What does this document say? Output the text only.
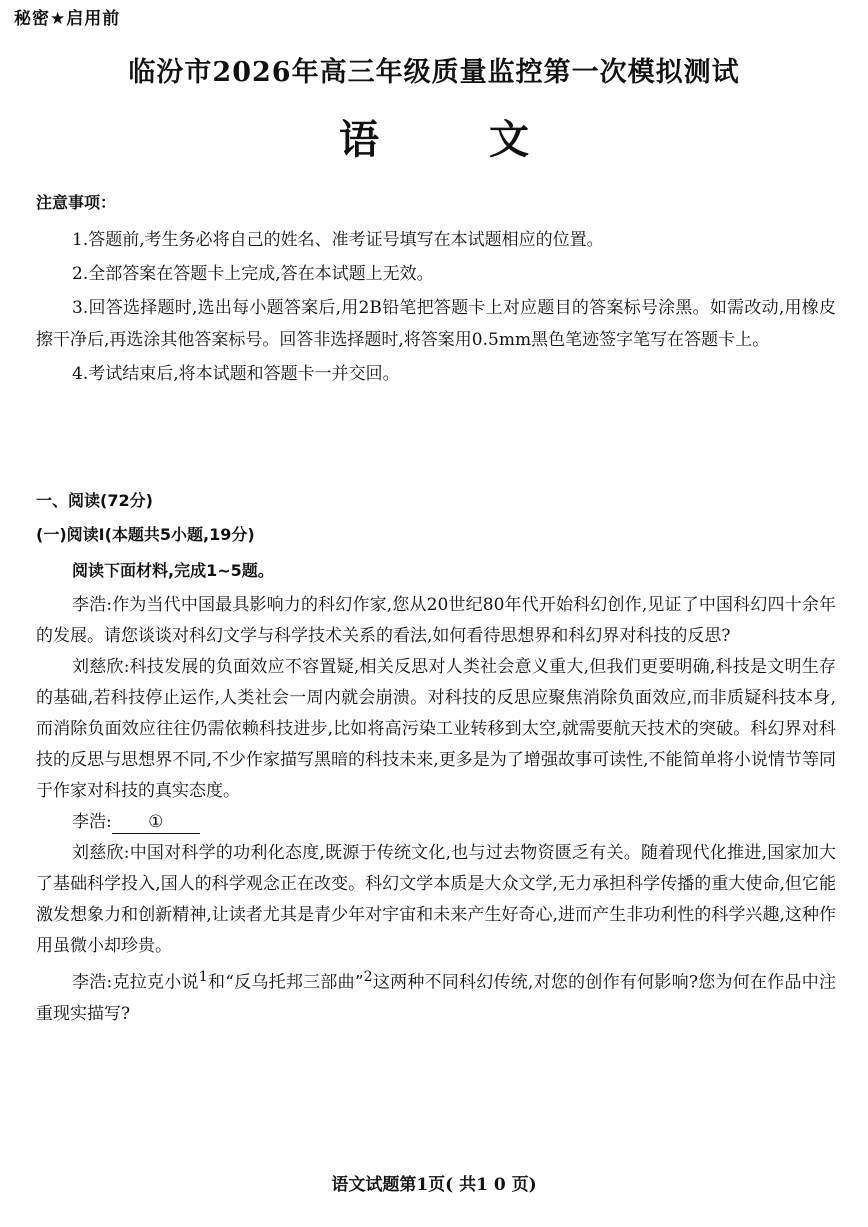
秘密★启用前
临汾市2026年高三年级质量监控第一次模拟测试
语文
注意事项：

1.答题前,考生务必将自己的姓名、准考证号填写在本试题相应的位置。

2.全部答案在答题卡上完成,答在本试题上无效。

3.回答选择题时,选出每小题答案后,用2B铅笔把答题卡上对应题目的答案标号涂黑。如需改动,用橡皮擦干净后,再选涂其他答案标号。回答非选择题时,将答案用0.5mm黑色笔迹签字笔写在答题卡上。

4.考试结束后,将本试题和答题卡一并交回。

一、阅读(72分)
(一)阅读Ⅰ(本题共5小题,19分)
阅读下面材料,完成1~5题。

李浩:作为当代中国最具影响力的科幻作家,您从20世纪80年代开始科幻创作,见证了中国科幻四十余年的发展。请您谈谈对科幻文学与科学技术关系的看法,如何看待思想界和科幻界对科技的反思?

刘慈欣:科技发展的负面效应不容置疑,相关反思对人类社会意义重大,但我们更要明确,科技是文明生存的基础,若科技停止运作,人类社会一周内就会崩溃。对科技的反思应聚焦消除负面效应,而非质疑科技本身,而消除负面效应往往仍需依赖科技进步,比如将高污染工业转移到太空,就需要航天技术的突破。科幻界对科技的反思与思想界不同,不少作家描写黑暗的科技未来,更多是为了增强故事可读性,不能简单将小说情节等同于作家对科技的真实态度。

李浩: ①

刘慈欣:中国对科学的功利化态度,既源于传统文化,也与过去物资匮乏有关。随着现代化推进,国家加大了基础科学投入,国人的科学观念正在改变。科幻文学本质是大众文学,无力承担科学传播的重大使命,但它能激发想象力和创新精神,让读者尤其是青少年对宇宙和未来产生好奇心,进而产生非功利性的科学兴趣,这种作用虽微小却珍贵。

李浩:克拉克小说$^1$和“反乌托邦三部曲”$^2$这两种不同科幻传统,对您的创作有何影响?您为何在作品中注重现实描写?

语文试题第1页( 共1 0 页)
